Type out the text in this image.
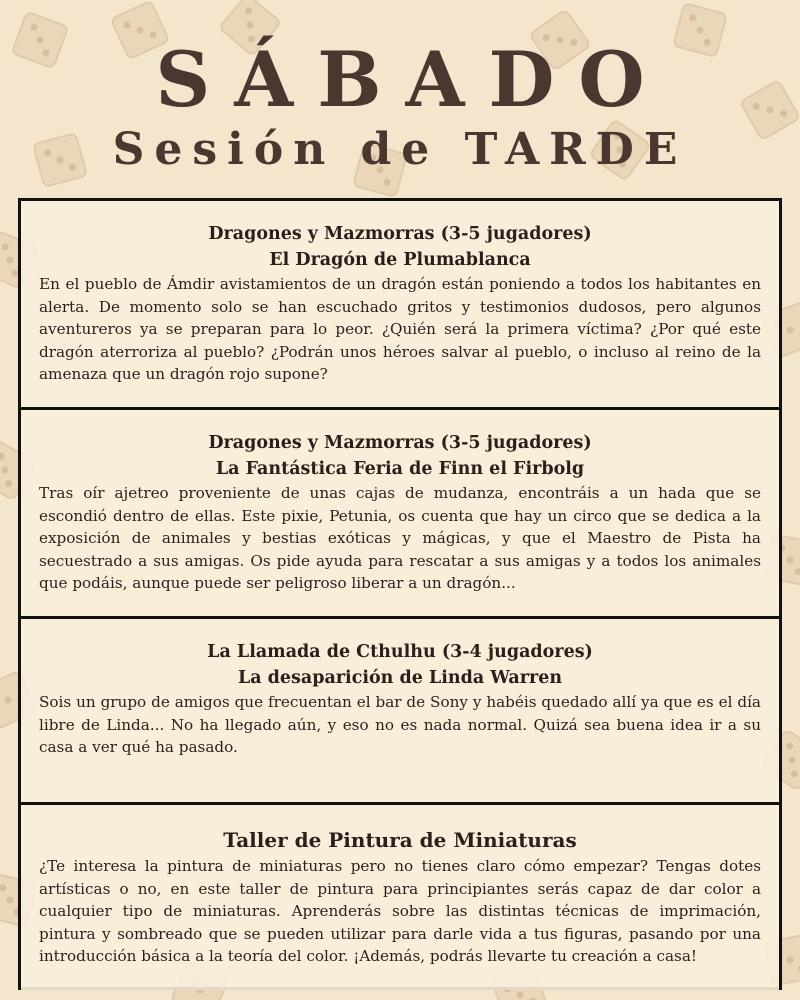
SÁBADO
Sesión de TARDE
Dragones y Mazmorras (3-5 jugadores)
El Dragón de Plumablanca

En el pueblo de Ámdir avistamientos de un dragón están poniendo a todos los habitantes en alerta. De momento solo se han escuchado gritos y testimonios dudosos, pero algunos aventureros ya se preparan para lo peor. ¿Quién será la primera víctima? ¿Por qué este dragón aterroriza al pueblo? ¿Podrán unos héroes salvar al pueblo, o incluso al reino de la amenaza que un dragón rojo supone?

Dragones y Mazmorras (3-5 jugadores)
La Fantástica Feria de Finn el Firbolg

Tras oír ajetreo proveniente de unas cajas de mudanza, encontráis a un hada que se escondió dentro de ellas. Este pixie, Petunia, os cuenta que hay un circo que se dedica a la exposición de animales y bestias exóticas y mágicas, y que el Maestro de Pista ha secuestrado a sus amigas. Os pide ayuda para rescatar a sus amigas y a todos los animales que podáis, aunque puede ser peligroso liberar a un dragón...

La Llamada de Cthulhu (3-4 jugadores)
La desaparición de Linda Warren

Sois un grupo de amigos que frecuentan el bar de Sony y habéis quedado allí ya que es el día libre de Linda... No ha llegado aún, y eso no es nada normal. Quizá sea buena idea ir a su casa a ver qué ha pasado.

Taller de Pintura de Miniaturas

¿Te interesa la pintura de miniaturas pero no tienes claro cómo empezar? Tengas dotes artísticas o no, en este taller de pintura para principiantes serás capaz de dar color a cualquier tipo de miniaturas. Aprenderás sobre las distintas técnicas de imprimación, pintura y sombreado que se pueden utilizar para darle vida a tus figuras, pasando por una introducción básica a la teoría del color. ¡Además, podrás llevarte tu creación a casa!
